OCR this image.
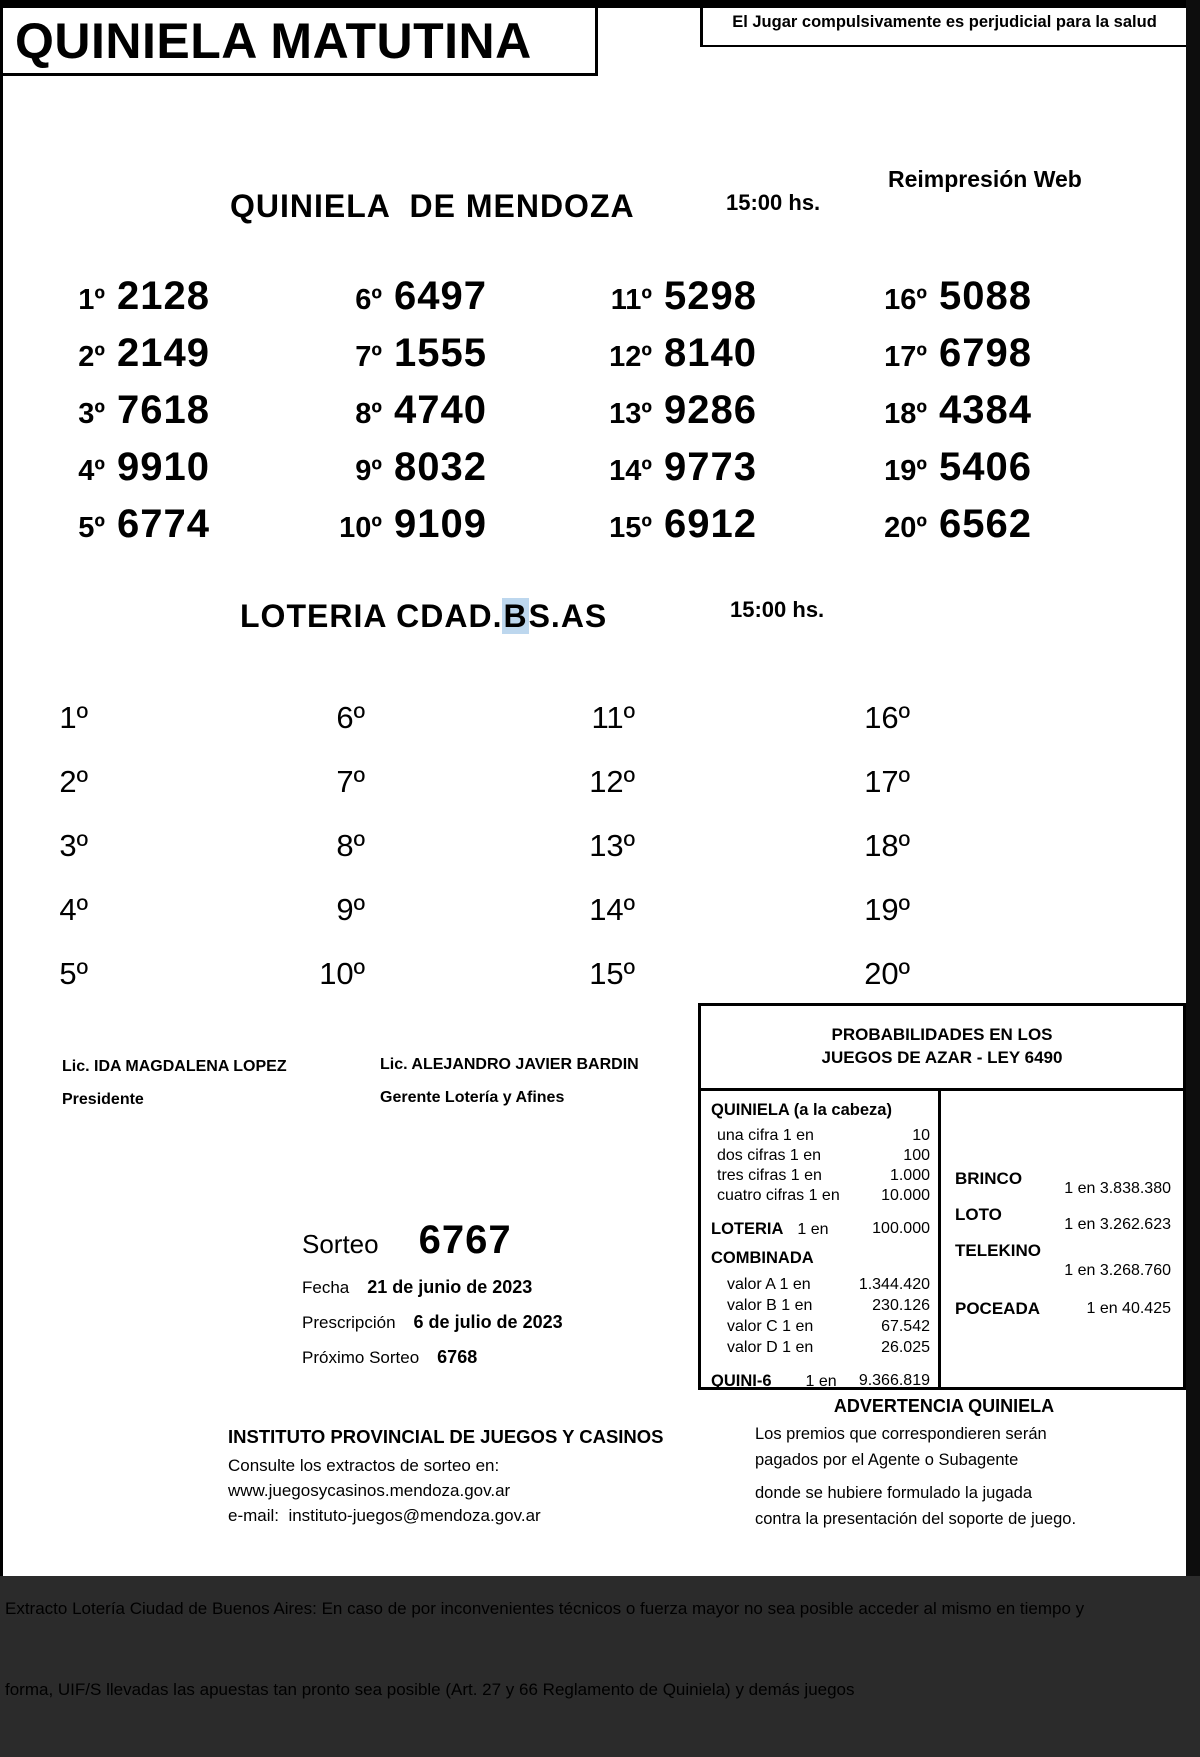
QUINIELA MATUTINA	El Jugar compulsivamente es perjudicial para la salud
Reimpresión Web
QUINIELA  DE MENDOZA	15:00 hs.
1º 2128
2º 2149
3º 7618
4º 9910
5º 6774
6º 6497
7º 1555
8º 4740
9º 8032
10º 9109
11º 5298
12º 8140
13º 9286
14º 9773
15º 6912
16º 5088
17º 6798
18º 4384
19º 5406
20º 6562
LOTERIA CDAD.BS.AS	15:00 hs.
1º
2º
3º
4º
5º
6º
7º
8º
9º
10º
11º
12º
13º
14º
15º
16º
17º
18º
19º
20º
Lic. IDA MAGDALENA LOPEZ
Presidente
Lic. ALEJANDRO JAVIER BARDIN
Gerente Lotería y Afines
Sorteo 6767
Fecha 21 de junio de 2023
Prescripción 6 de julio de 2023
Próximo Sorteo 6768
PROBABILIDADES EN LOS
JUEGOS DE AZAR - LEY 6490
QUINIELA (a la cabeza)
una cifra 1 en	10
dos cifras 1 en	100
tres cifras 1 en	1.000
cuatro cifras 1 en	10.000
LOTERIA 1 en	100.000
COMBINADA
valor A 1 en	1.344.420
valor B 1 en	230.126
valor C 1 en	67.542
valor D 1 en	26.025
QUINI-6 1 en 9.366.819
BRINCO
1 en 3.838.380
LOTO
1 en 3.262.623
TELEKINO
1 en 3.268.760
POCEADA	1 en 40.425
ADVERTENCIA QUINIELA
Los premios que correspondieren serán
pagados por el Agente o Subagente
donde se hubiere formulado la jugada
contra la presentación del soporte de juego.
INSTITUTO PROVINCIAL DE JUEGOS Y CASINOS
Consulte los extractos de sorteo en:
www.juegosycasinos.mendoza.gov.ar
e-mail:  instituto-juegos@mendoza.gov.ar

Extracto Lotería Ciudad de Buenos Aires: En caso de por inconvenientes técnicos o fuerza mayor no sea posible acceder al mismo en tiempo y

forma, UIF/S llevadas las apuestas tan pronto sea posible (Art. 27 y 66 Reglamento de Quiniela) y demás juegos
